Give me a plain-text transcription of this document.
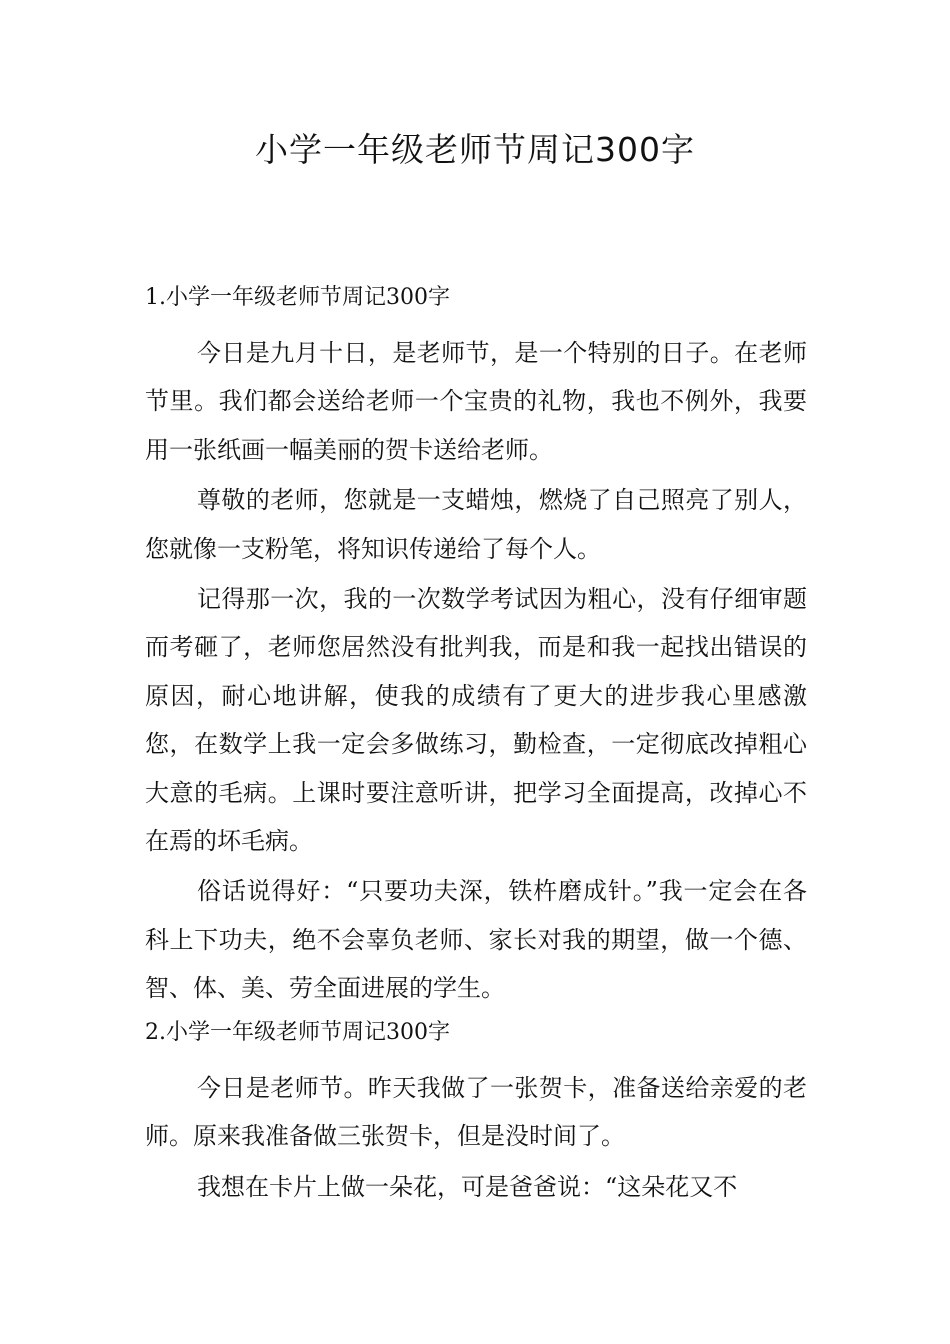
小学一年级老师节周记300字
1.小学一年级老师节周记300字

今日是九月十日，是老师节，是一个特别的日子。在老师节里。我们都会送给老师一个宝贵的礼物，我也不例外，我要用一张纸画一幅美丽的贺卡送给老师。

尊敬的老师，您就是一支蜡烛，燃烧了自己照亮了别人，您就像一支粉笔，将知识传递给了每个人。

记得那一次，我的一次数学考试因为粗心，没有仔细审题而考砸了，老师您居然没有批判我，而是和我一起找出错误的原因，耐心地讲解，使我的成绩有了更大的进步我心里感激您，在数学上我一定会多做练习，勤检查，一定彻底改掉粗心大意的毛病。上课时要注意听讲，把学习全面提高，改掉心不在焉的坏毛病。

俗话说得好：“只要功夫深，铁杵磨成针。”我一定会在各科上下功夫，绝不会辜负老师、家长对我的期望，做一个德、智、体、美、劳全面进展的学生。

2.小学一年级老师节周记300字

今日是老师节。昨天我做了一张贺卡，准备送给亲爱的老师。原来我准备做三张贺卡，但是没时间了。

我想在卡片上做一朵花，可是爸爸说：“这朵花又不
